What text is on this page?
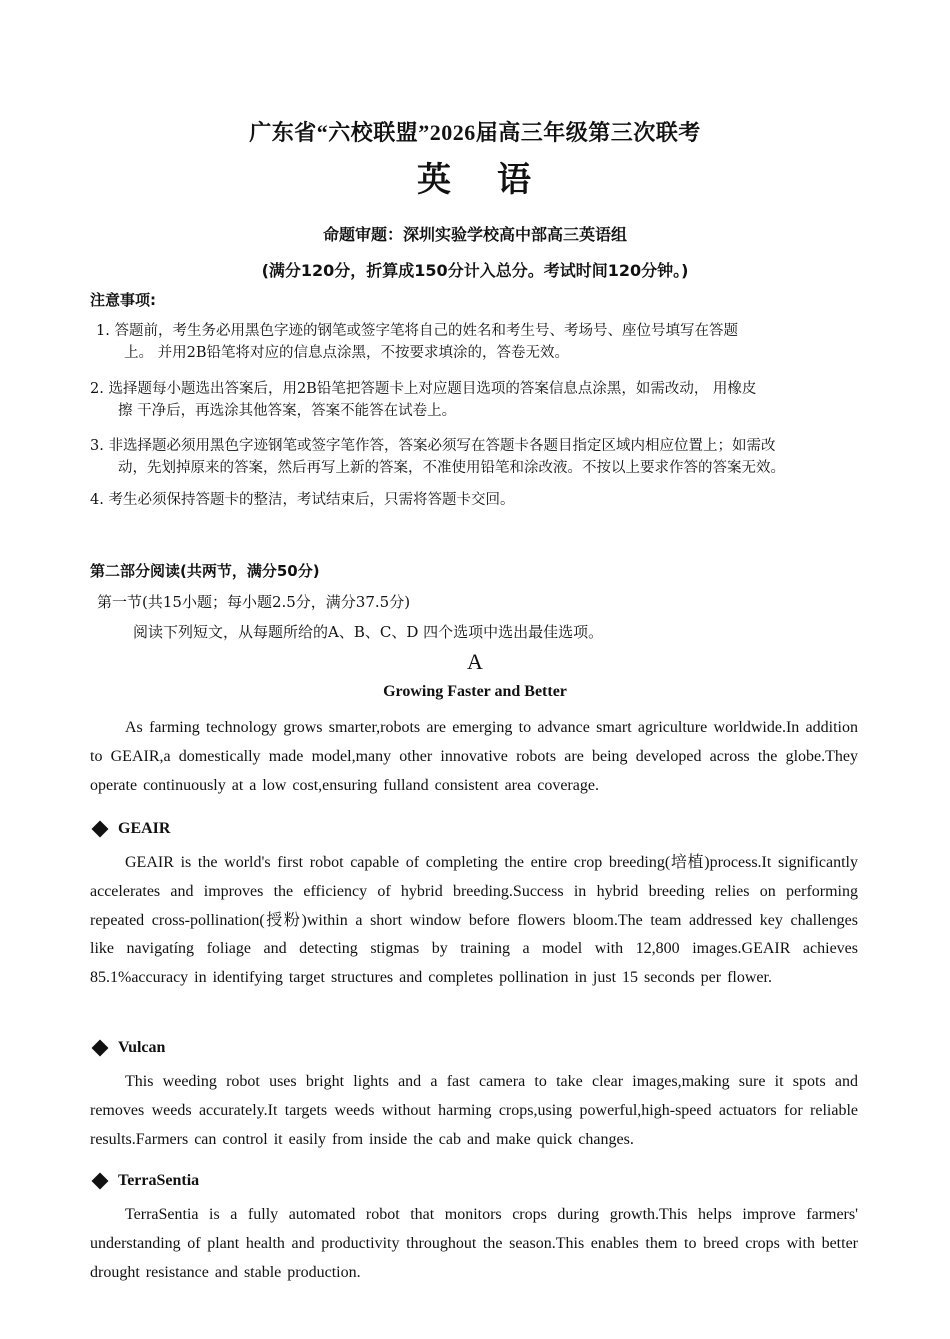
广东省“六校联盟”2026届高三年级第三次联考
英 语
命题审题：深圳实验学校高中部高三英语组
(满分120分，折算成150分计入总分。考试时间120分钟。)
注意事项:
1. 答题前，考生务必用黑色字迹的钢笔或签字笔将自己的姓名和考生号、考场号、座位号填写在答题
上。 并用2B铅笔将对应的信息点涂黑，不按要求填涂的，答卷无效。
2. 选择题每小题选出答案后，用2B铅笔把答题卡上对应题目选项的答案信息点涂黑，如需改动， 用橡皮
擦 干净后，再选涂其他答案，答案不能答在试卷上。
3. 非选择题必须用黑色字迹钢笔或签字笔作答，答案必须写在答题卡各题目指定区域内相应位置上；如需改
动，先划掉原来的答案，然后再写上新的答案，不准使用铅笔和涂改液。不按以上要求作答的答案无效。
4. 考生必须保持答题卡的整洁，考试结束后，只需将答题卡交回。
第二部分阅读(共两节，满分50分)
第一节(共15小题；每小题2.5分，满分37.5分)
阅读下列短文，从每题所给的A、B、C、D 四个选项中选出最佳选项。
A
Growing Faster and Better
As farming technology grows smarter,robots are emerging to advance smart agriculture worldwide.In addition to GEAIR,a domestically made model,many other innovative robots are being developed across the globe.They operate continuously at a low cost,ensuring fulland consistent area coverage.
GEAIR
GEAIR is the world's first robot capable of completing the entire crop breeding(培植)process.It significantly accelerates and improves the efficiency of hybrid breeding.Success in hybrid breeding relies on performing repeated cross-pollination(授粉)within a short window before flowers bloom.The team addressed key challenges like navigatíng foliage and detecting stigmas by training a model with 12,800 images.GEAIR achieves 85.1%accuracy in identifying target structures and completes pollination in just 15 seconds per flower.
Vulcan
This weeding robot uses bright lights and a fast camera to take clear images,making sure it spots and removes weeds accurately.It targets weeds without harming crops,using powerful,high-speed actuators for reliable results.Farmers can control it easily from inside the cab and make quick changes.
TerraSentia
TerraSentia is a fully automated robot that monitors crops during growth.This helps improve farmers' understanding of plant health and productivity throughout the season.This enables them to breed crops with better drought resistance and stable production.
